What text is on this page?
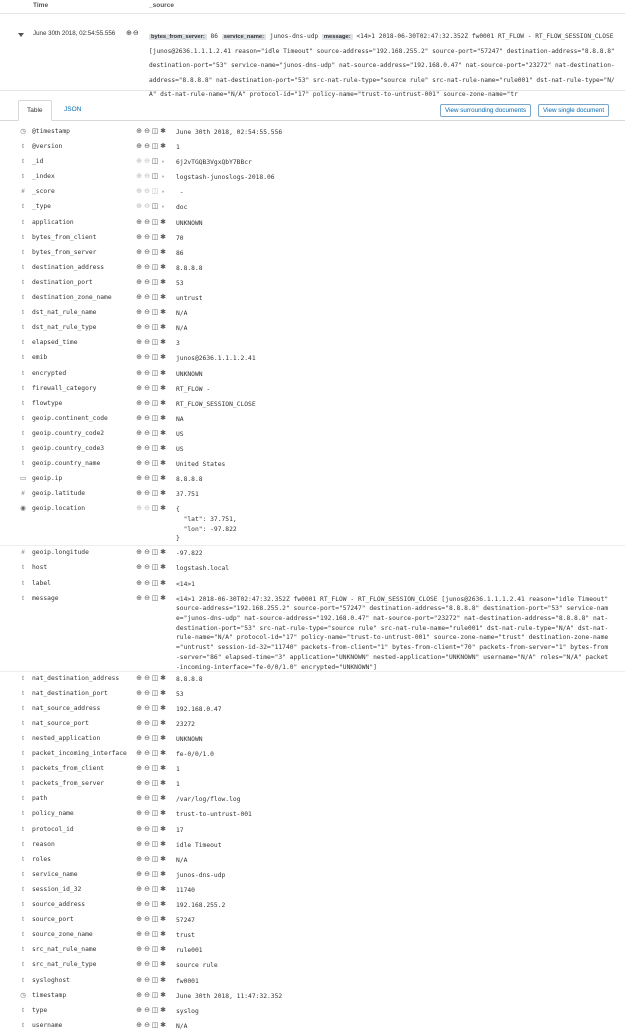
Time	_source
June 30th 2018, 02:54:55.556	⊕⊖	bytes_from_server: 86 service_name: junos-dns-udp message: <14>1 2018-06-30T02:47:32.352Z fw0001 RT_FLOW - RT_FLOW_SESSION_CLOSE [junos@2636.1.1.1.2.41 reason="idle Timeout" source-address="192.168.255.2" source-port="57247" destination-address="8.8.8.8" destination-port="53" service-name="junos-dns-udp" nat-source-address="192.168.0.47" nat-source-port="23272" nat-destination-address="8.8.8.8" nat-destination-port="53" src-nat-rule-type="source rule" src-nat-rule-name="rule001" dst-nat-rule-type="N/A" dst-nat-rule-name="N/A" protocol-id="17" policy-name="trust-to-untrust-001" source-zone-name="tr
Table	JSON	View surrounding documents	View single document
◷ @timestamp	⊕ ⊖ ◫ ✱ June 30th 2018, 02:54:55.556
t	@version	⊕ ⊖ ◫ ✱ 1
t	_id	⊕ ⊖ ◫ ●	6j2vTGQB3VgxQbY7BBcr
t	_index	⊕ ⊖ ◫ ●	logstash-junoslogs-2018.06
#	_score	⊕ ⊖ ◫ ●	-
t	_type	⊕ ⊖ ◫ ●	doc
t	application	⊕ ⊖ ◫ ✱ UNKNOWN
t	bytes_from_client	⊕ ⊖ ◫ ✱ 70
t	bytes_from_server	⊕ ⊖ ◫ ✱ 86
t	destination_address	⊕ ⊖ ◫ ✱ 8.8.8.8
t	destination_port	⊕ ⊖ ◫ ✱ 53
t	destination_zone_name	⊕ ⊖ ◫ ✱ untrust
t	dst_nat_rule_name	⊕ ⊖ ◫ ✱ N/A
t	dst_nat_rule_type	⊕ ⊖ ◫ ✱ N/A
t	elapsed_time	⊕ ⊖ ◫ ✱ 3
t	emib	⊕ ⊖ ◫ ✱ junos@2636.1.1.1.2.41
t	encrypted	⊕ ⊖ ◫ ✱ UNKNOWN
t	firewall_category	⊕ ⊖ ◫ ✱ RT_FLOW -
t	flowtype	⊕ ⊖ ◫ ✱ RT_FLOW_SESSION_CLOSE
t	geoip.continent_code	⊕ ⊖ ◫ ✱ NA
t	geoip.country_code2	⊕ ⊖ ◫ ✱ US
t	geoip.country_code3	⊕ ⊖ ◫ ✱ US
t	geoip.country_name	⊕ ⊖ ◫ ✱ United States
▭ geoip.ip	⊕ ⊖ ◫ ✱ 8.8.8.8
#	geoip.latitude	⊕ ⊖ ◫ ✱ 37.751
◉ geoip.location	⊕ ⊖ ◫ ✱ {
"lat": 37.751,
"lon": -97.822
}
#	geoip.longitude	⊕ ⊖ ◫ ✱ -97.822
t	host	⊕ ⊖ ◫ ✱ logstash.local
t	label	⊕ ⊖ ◫ ✱ <14>1
t	message	⊕ ⊖ ◫ ✱ <14>1 2018-06-30T02:47:32.352Z fw0001 RT_FLOW - RT_FLOW_SESSION_CLOSE [junos@2636.1.1.1.2.41 reason="idle Timeout" source-address="192.168.255.2" source-port="57247" destination-address="8.8.8.8" destination-port="53" service-name="junos-dns-udp" nat-source-address="192.168.0.47" nat-source-port="23272" nat-destination-address="8.8.8.8" nat-destination-port="53" src-nat-rule-type="source rule" src-nat-rule-name="rule001" dst-nat-rule-type="N/A" dst-nat-rule-name="N/A" protocol-id="17" policy-name="trust-to-untrust-001" source-zone-name="trust" destination-zone-name="untrust" session-id-32="11740" packets-from-client="1" bytes-from-client="70" packets-from-server="1" bytes-from-server="86" elapsed-time="3" application="UNKNOWN" nested-application="UNKNOWN" username="N/A" roles="N/A" packet-incoming-interface="fe-0/0/1.0" encrypted="UNKNOWN"]
t	nat_destination_address ⊕ ⊖ ◫ ✱ 8.8.8.8
t	nat_destination_port	⊕ ⊖ ◫ ✱ 53
t	nat_source_address	⊕ ⊖ ◫ ✱ 192.168.0.47
t	nat_source_port	⊕ ⊖ ◫ ✱ 23272
t	nested_application	⊕ ⊖ ◫ ✱ UNKNOWN
t	packet_incoming_interface ⊕ ⊖ ◫ ✱ fe-0/0/1.0
t	packets_from_client	⊕ ⊖ ◫ ✱ 1
t	packets_from_server	⊕ ⊖ ◫ ✱ 1
t	path	⊕ ⊖ ◫ ✱ /var/log/flow.log
t	policy_name	⊕ ⊖ ◫ ✱ trust-to-untrust-001
t	protocol_id	⊕ ⊖ ◫ ✱ 17
t	reason	⊕ ⊖ ◫ ✱ idle Timeout
t	roles	⊕ ⊖ ◫ ✱ N/A
t	service_name	⊕ ⊖ ◫ ✱ junos-dns-udp
t	session_id_32	⊕ ⊖ ◫ ✱ 11740
t	source_address	⊕ ⊖ ◫ ✱ 192.168.255.2
t	source_port	⊕ ⊖ ◫ ✱ 57247
t	source_zone_name	⊕ ⊖ ◫ ✱ trust
t	src_nat_rule_name	⊕ ⊖ ◫ ✱ rule001
t	src_nat_rule_type	⊕ ⊖ ◫ ✱ source rule
t	sysloghost	⊕ ⊖ ◫ ✱ fw0001
◷ timestamp	⊕ ⊖ ◫ ✱ June 30th 2018, 11:47:32.352
t	type	⊕ ⊖ ◫ ✱ syslog
t	username	⊕ ⊖ ◫ ✱ N/A
